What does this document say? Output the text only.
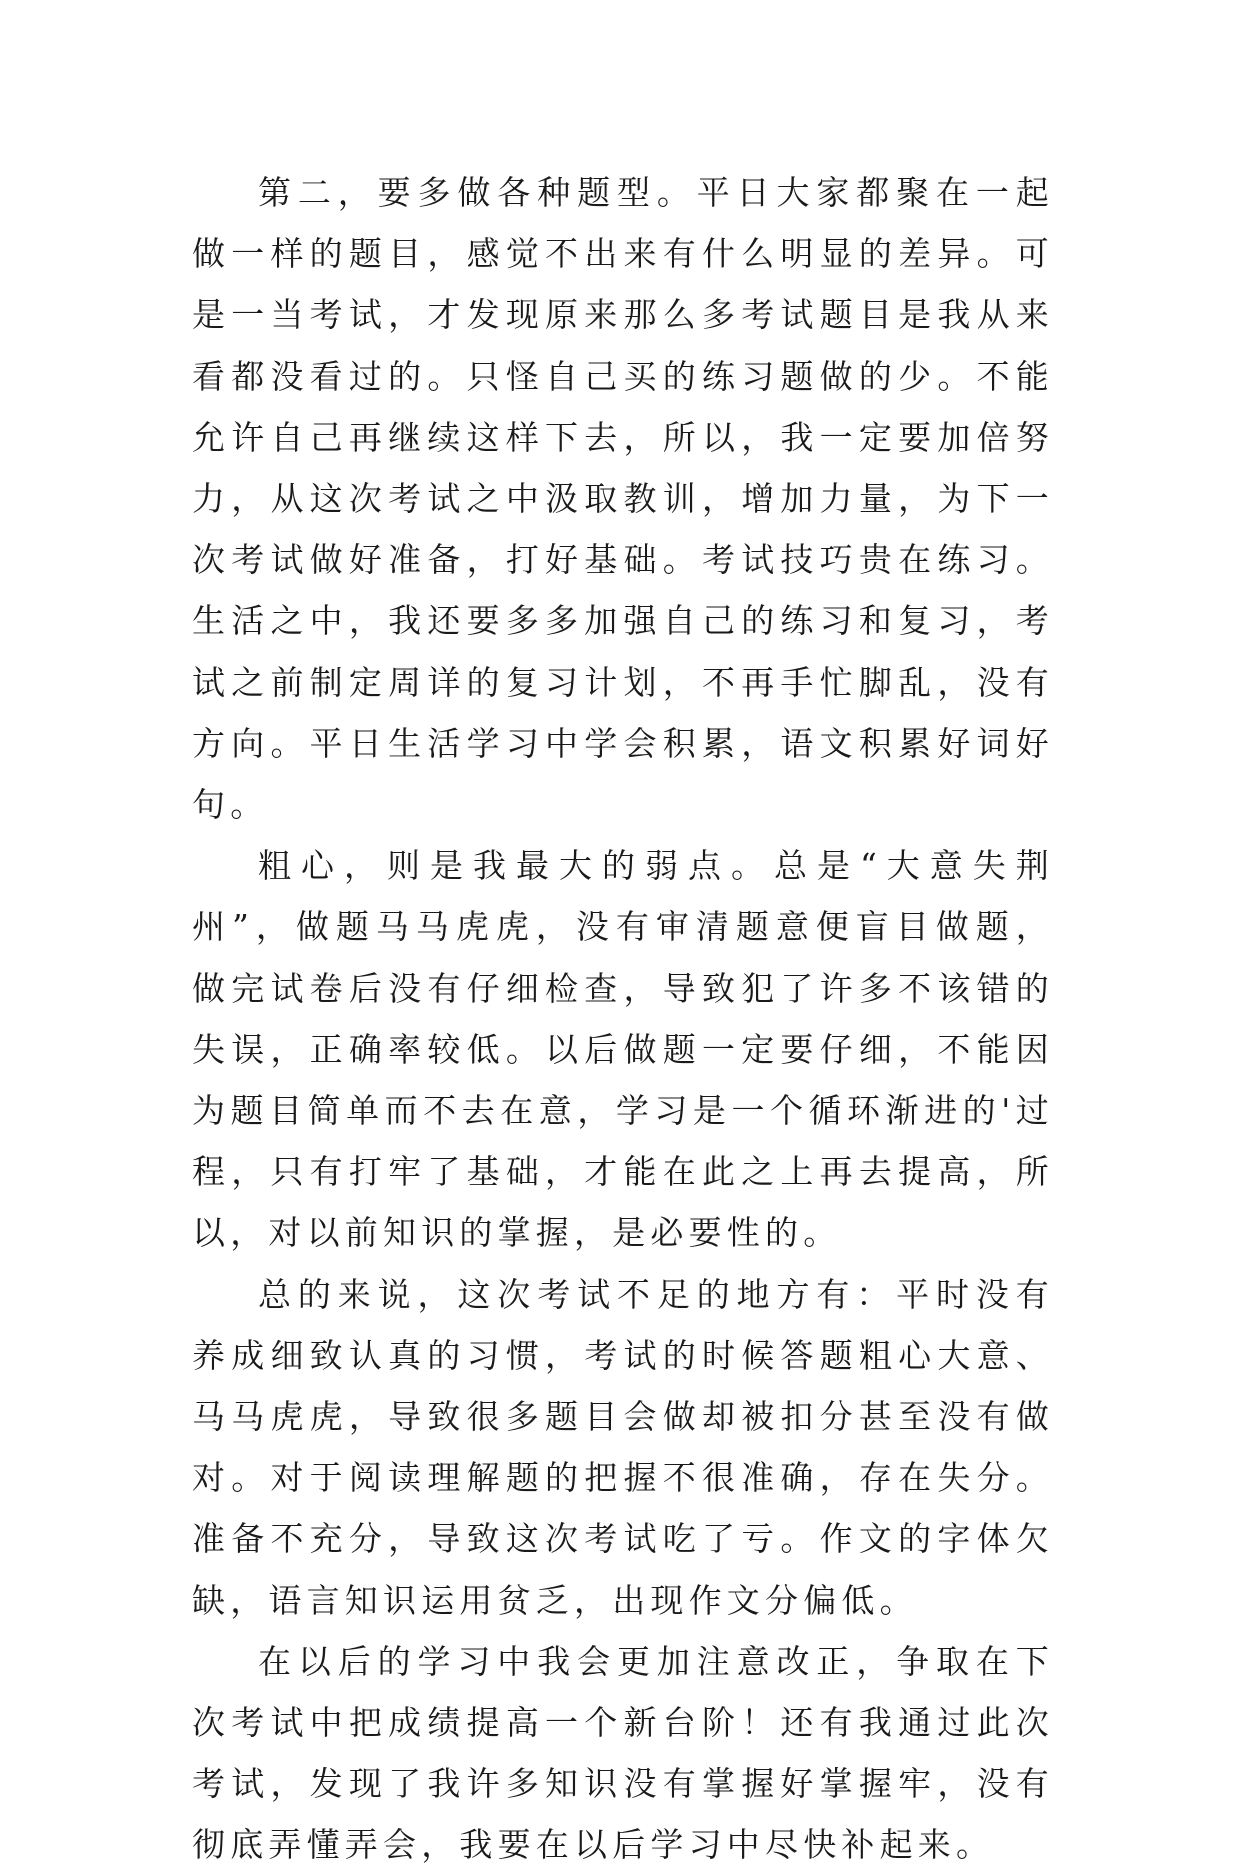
第二，要多做各种题型。平日大家都聚在一起做一样的题目，感觉不出来有什么明显的差异。可是一当考试，才发现原来那么多考试题目是我从来看都没看过的。只怪自己买的练习题做的少。不能允许自己再继续这样下去，所以，我一定要加倍努力，从这次考试之中汲取教训，增加力量，为下一次考试做好准备，打好基础。考试技巧贵在练习。生活之中，我还要多多加强自己的练习和复习，考试之前制定周详的复习计划，不再手忙脚乱，没有方向。平日生活学习中学会积累，语文积累好词好句。

粗心，则是我最大的弱点。总是“大意失荆州”，做题马马虎虎，没有审清题意便盲目做题，做完试卷后没有仔细检查，导致犯了许多不该错的失误，正确率较低。以后做题一定要仔细，不能因为题目简单而不去在意，学习是一个循环渐进的'过程，只有打牢了基础，才能在此之上再去提高，所以，对以前知识的掌握，是必要性的。

总的来说，这次考试不足的地方有：平时没有养成细致认真的习惯，考试的时候答题粗心大意、马马虎虎，导致很多题目会做却被扣分甚至没有做对。对于阅读理解题的把握不很准确，存在失分。准备不充分，导致这次考试吃了亏。作文的字体欠缺，语言知识运用贫乏，出现作文分偏低。

在以后的学习中我会更加注意改正，争取在下次考试中把成绩提高一个新台阶！还有我通过此次考试，发现了我许多知识没有掌握好掌握牢，没有彻底弄懂弄会，我要在以后学习中尽快补起来。
